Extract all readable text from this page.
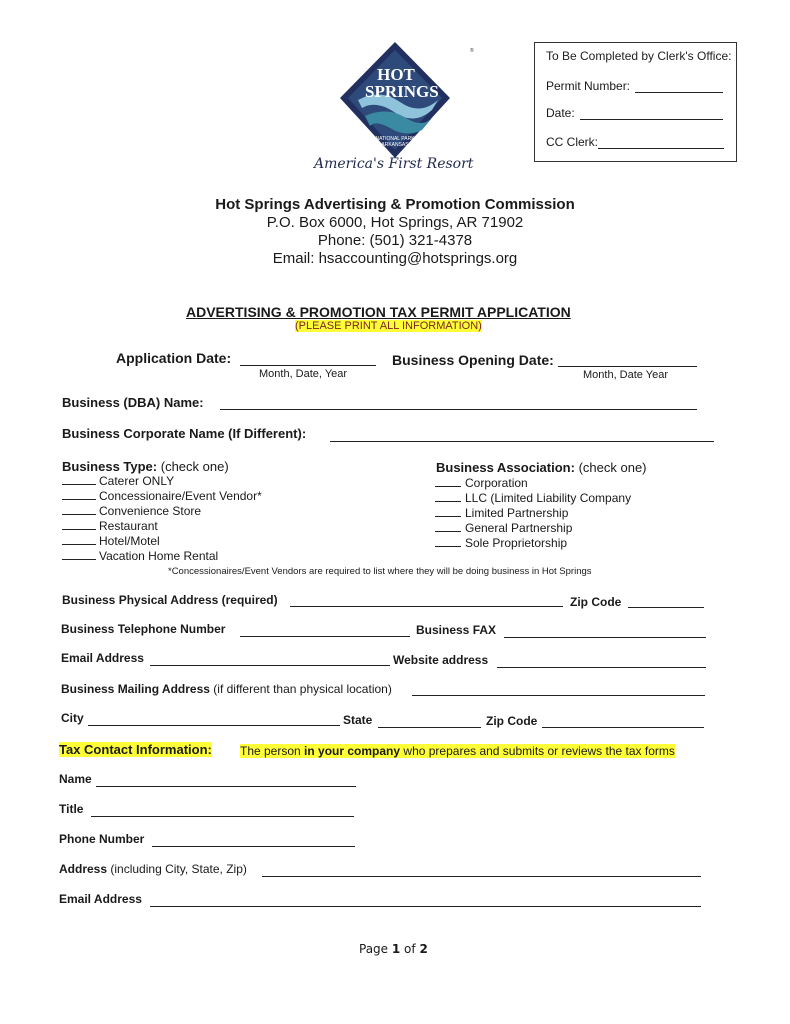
®
HOT
SPRINGS
NATIONAL PARK
ARKANSAS
America's First Resort
To Be Completed by Clerk's Office:
Permit Number:
Date:
CC Clerk:
Hot Springs Advertising & Promotion Commission
P.O. Box 6000, Hot Springs, AR 71902
Phone: (501) 321-4378
Email: hsaccounting@hotsprings.org
ADVERTISING & PROMOTION TAX PERMIT APPLICATION
(PLEASE PRINT ALL INFORMATION)
Application Date:
Month, Date, Year
Business Opening Date:
Month, Date Year
Business (DBA) Name:
Business Corporate Name (If Different):
Business Type: (check one)
Caterer ONLY
Concessionaire/Event Vendor*
Convenience Store
Restaurant
Hotel/Motel
Vacation Home Rental
Business Association: (check one)
Corporation
LLC (Limited Liability Company
Limited Partnership
General Partnership
Sole Proprietorship
*Concessionaires/Event Vendors are required to list where they will be doing business in Hot Springs
Business Physical Address (required)	Zip Code
Business Telephone Number	Business FAX
Email Address	Website address
Business Mailing Address (if different than physical location)
City	State	Zip Code
Tax Contact Information: The person in your company who prepares and submits or reviews the tax forms
Name
Title
Phone Number
Address (including City, State, Zip)
Email Address
Page 1 of 2
